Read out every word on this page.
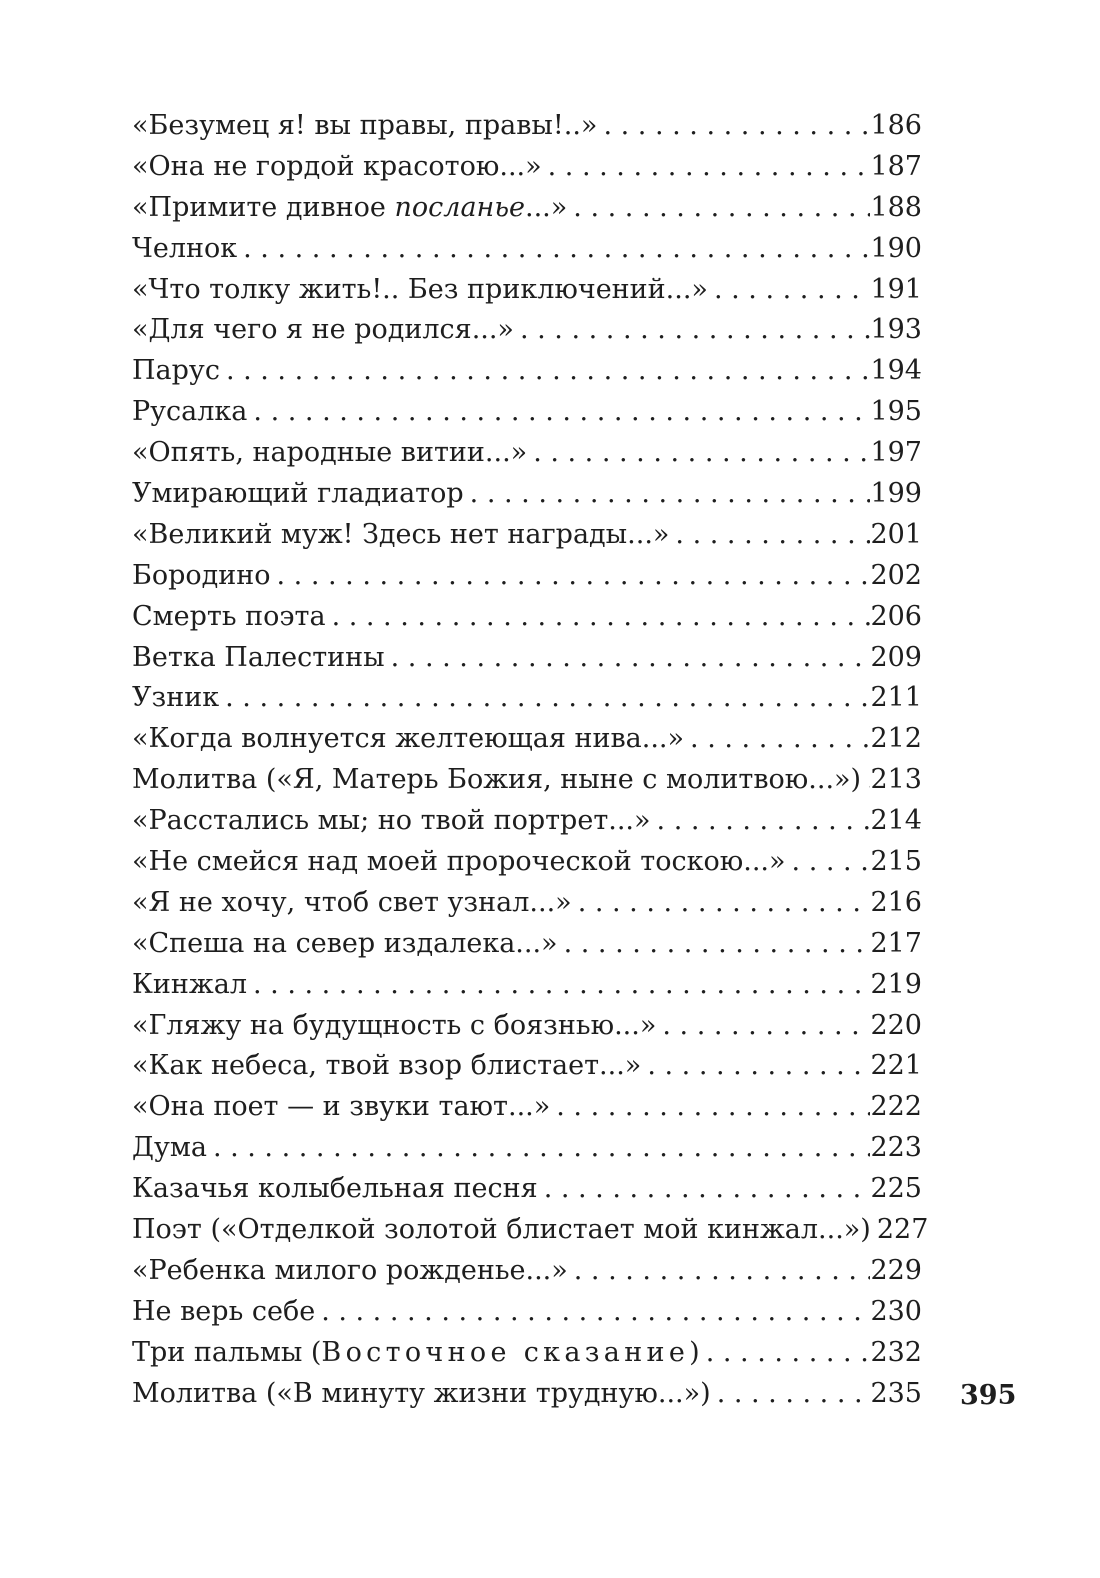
«Безумец я! вы правы, правы!..» . . .	186
«Она не гордой красотою...» . . .	187
«Примите дивное посланье...» . . .	188
Челнок . . .	190
«Что толку жить!.. Без приключений...» . . .	191
«Для чего я не родился...» . . .	193
Парус . . .	194
Русалка . . .	195
«Опять, народные витии...» . . .	197
Умирающий гладиатор . . .	199
«Великий муж! Здесь нет награды...» . . .	201
Бородино . . .	202
Смерть поэта . . .	206
Ветка Палестины . . .	209
Узник . . .	211
«Когда волнуется желтеющая нива...» . . .	212
Молитва («Я, Матерь Божия, ныне с молитвою...») . . . 213
«Расстались мы; но твой портрет...» . . .	214
«Не смейся над моей пророческой тоскою...» . . .	215
«Я не хочу, чтоб свет узнал...» . . .	216
«Спеша на север издалека...» . . .	217
Кинжал . . .	219
«Гляжу на будущность с боязнью...» . . .	220
«Как небеса, твой взор блистает...» . . .	221
«Она поет — и звуки тают...» . . .	222
Дума . . .	223
Казачья колыбельная песня . . .	225
Поэт («Отделкой золотой блистает мой кинжал...») 227
«Ребенка милого рожденье...» . . .	229
Не верь себе . . .	230
Три пальмы (Восточное сказание) . . .	232
Молитва («В минуту жизни трудную...») . . .	235 395
